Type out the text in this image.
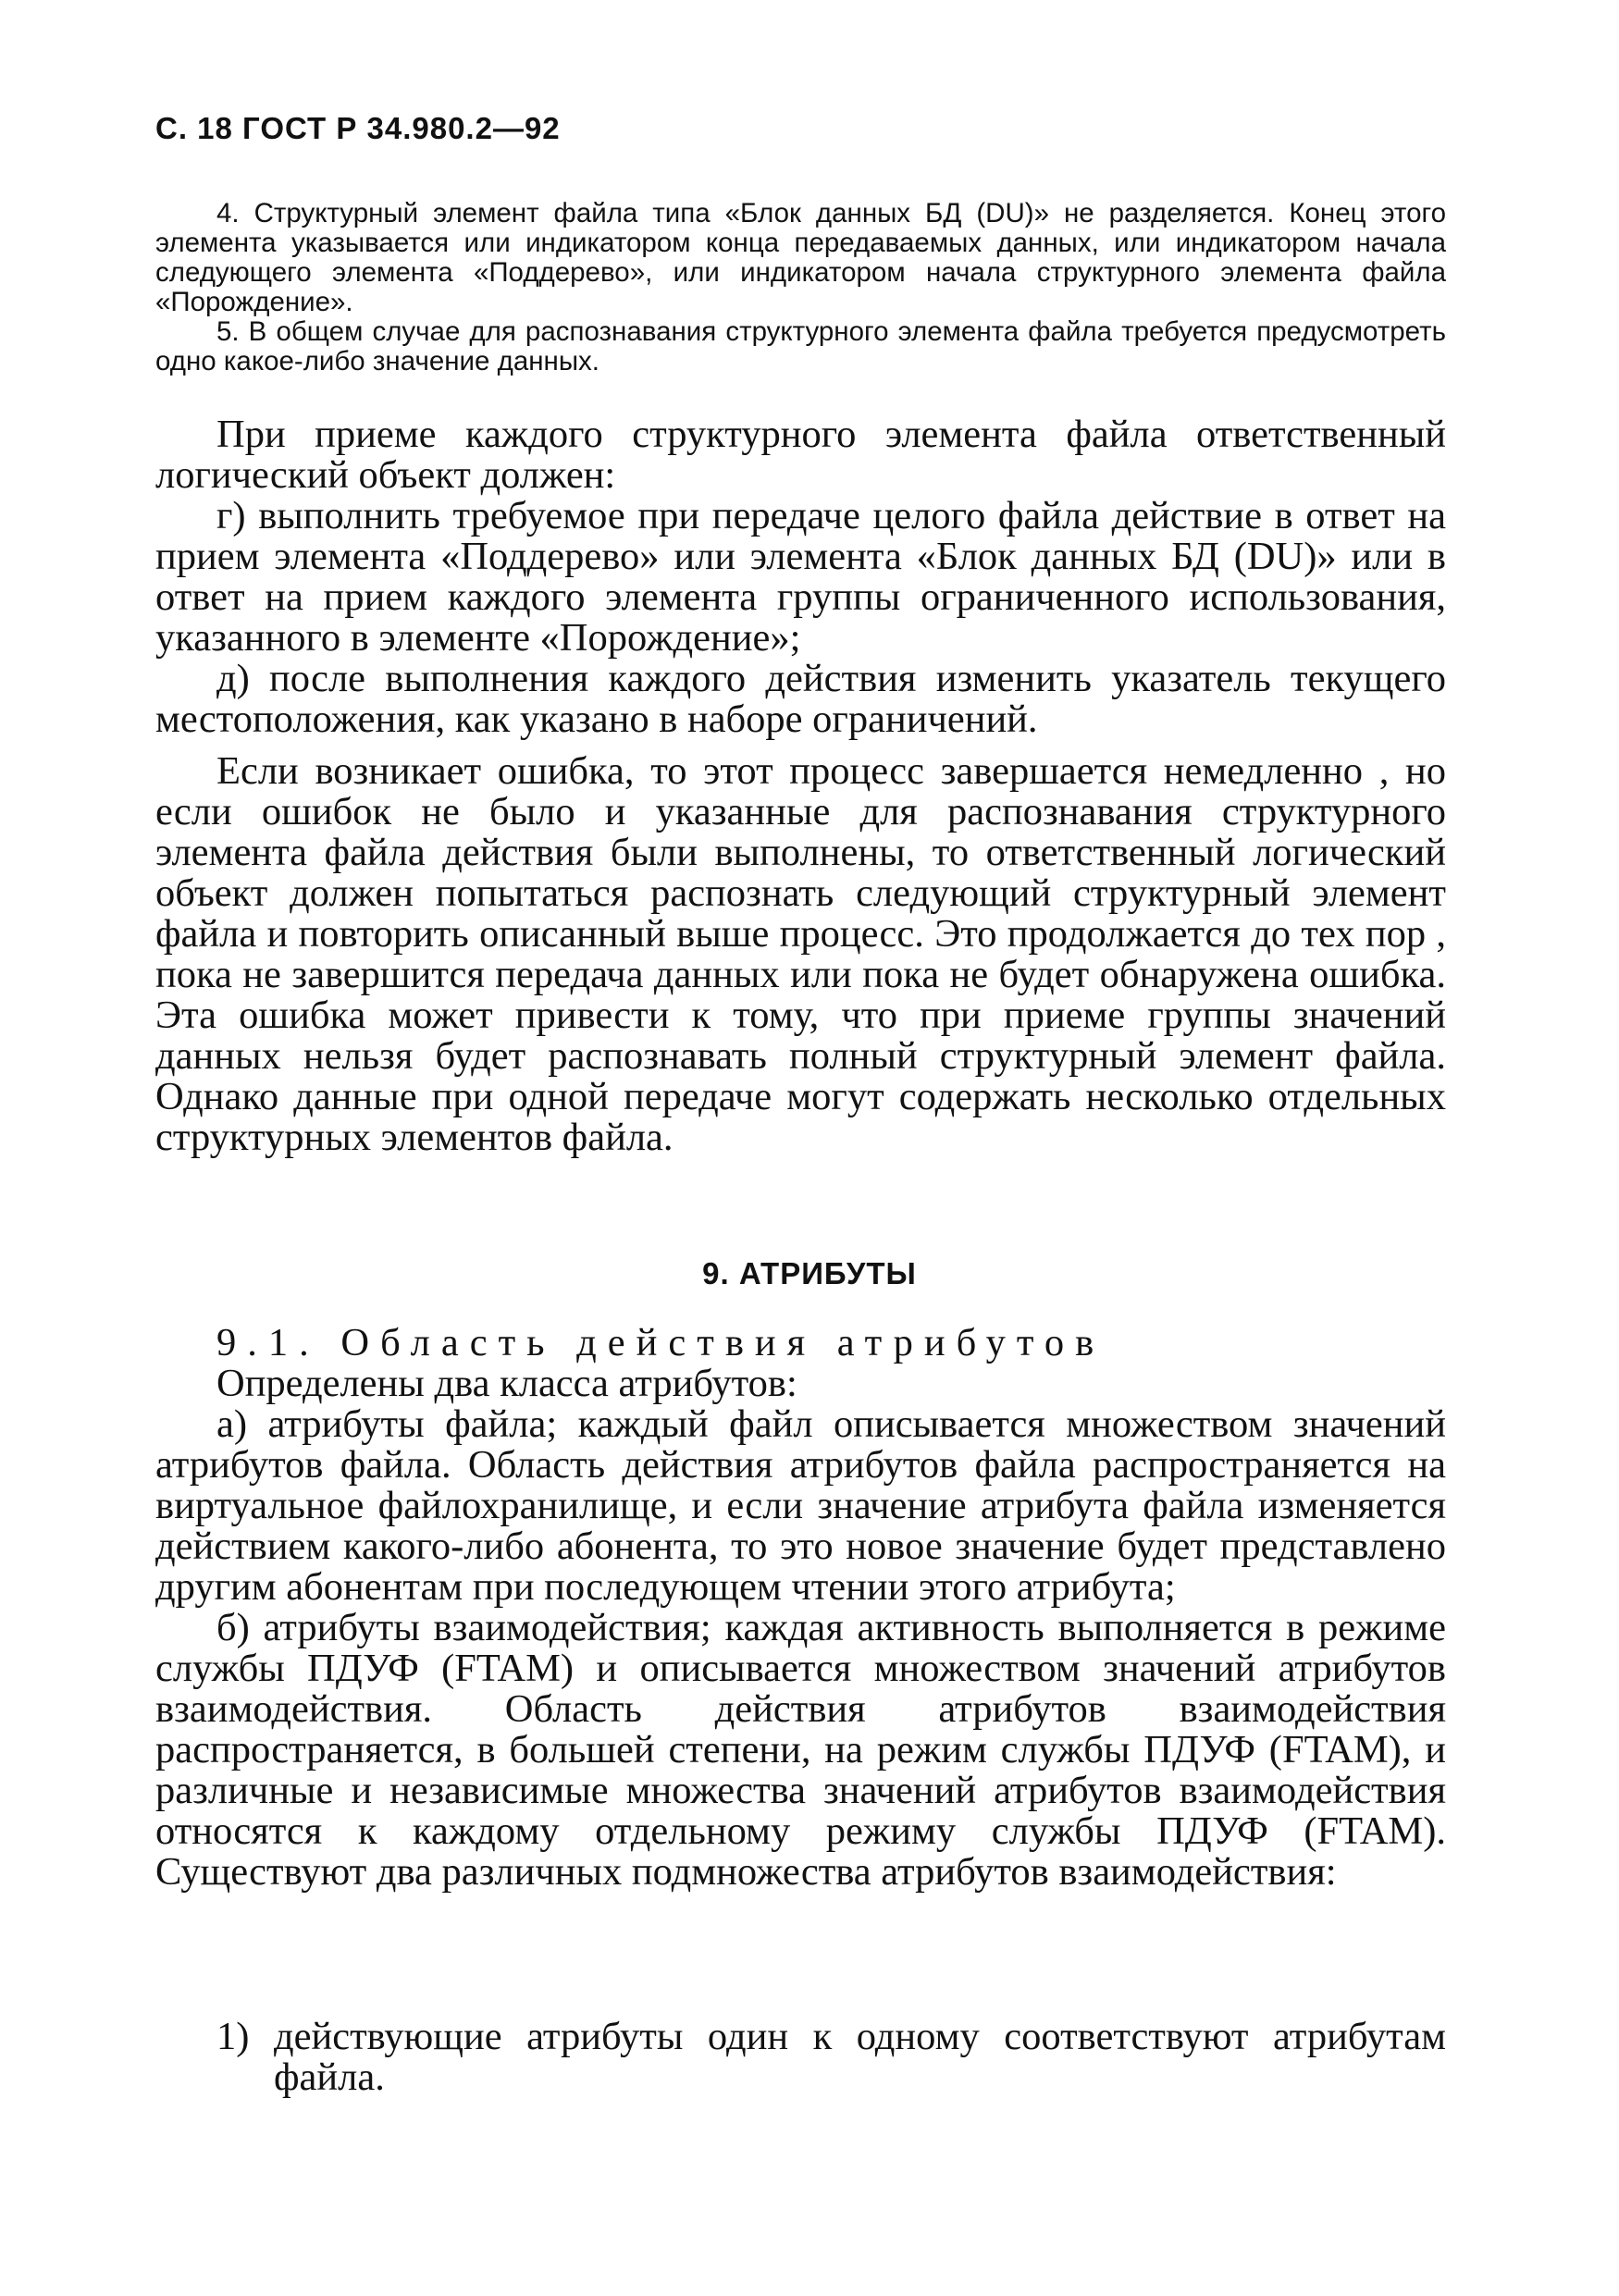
С. 18 ГОСТ Р 34.980.2—92

4. Структурный элемент файла типа «Блок данных БД (DU)» не разделяется. Конец этого элемента указывается или индикатором конца передаваемых данных, или индикатором начала следующего элемента «Поддерево», или индикатором начала структурного элемента файла «Порождение».

5. В общем случае для распознавания структурного элемента файла требуется предусмотреть одно какое-либо значение данных.

При приеме каждого структурного элемента файла ответственный логический объект должен:

г) выполнить требуемое при передаче целого файла действие в ответ на прием элемента «Поддерево» или элемента «Блок данных БД (DU)» или в ответ на прием каждого элемента группы ограниченного использования, указанного в элементе «Порождение»;

д) после выполнения каждого действия изменить указатель текущего местоположения, как указано в наборе ограничений.

Если возникает ошибка, то этот процесс завершается немедленно , но если ошибок не было и указанные для распознавания структурного элемента файла действия были выполнены, то ответственный логический объект должен попытаться распознать следующий структурный элемент файла и повторить описанный выше процесс. Это продолжается до тех пор , пока не завершится передача данных или пока не будет обнаружена ошибка. Эта ошибка может привести к тому, что при приеме группы значений данных нельзя будет распознавать полный структурный элемент файла. Однако данные при одной передаче могут содержать несколько отдельных структурных элементов файла.

9. АТРИБУТЫ

9.1. Область действия атрибутов

Определены два класса атрибутов:

а) атрибуты файла; каждый файл описывается множеством значений атрибутов файла. Область действия атрибутов файла распространяется на виртуальное файлохранилище, и если значение атрибута файла изменяется действием какого-либо абонента, то это новое значение будет представлено другим абонентам при последующем чтении этого атрибута;

б) атрибуты взаимодействия; каждая активность выполняется в режиме службы ПДУФ (FTAM) и описывается множеством значений атрибутов взаимодействия. Область действия атрибутов взаимодействия распространяется, в большей степени, на режим службы ПДУФ (FTAM), и различные и независимые множества значений атрибутов взаимодействия относятся к каждому отдельному режиму службы ПДУФ (FTAM). Существуют два различных подмножества атрибутов взаимодействия:

1) действующие атрибуты один к одному соответствуют атрибутам файла.
